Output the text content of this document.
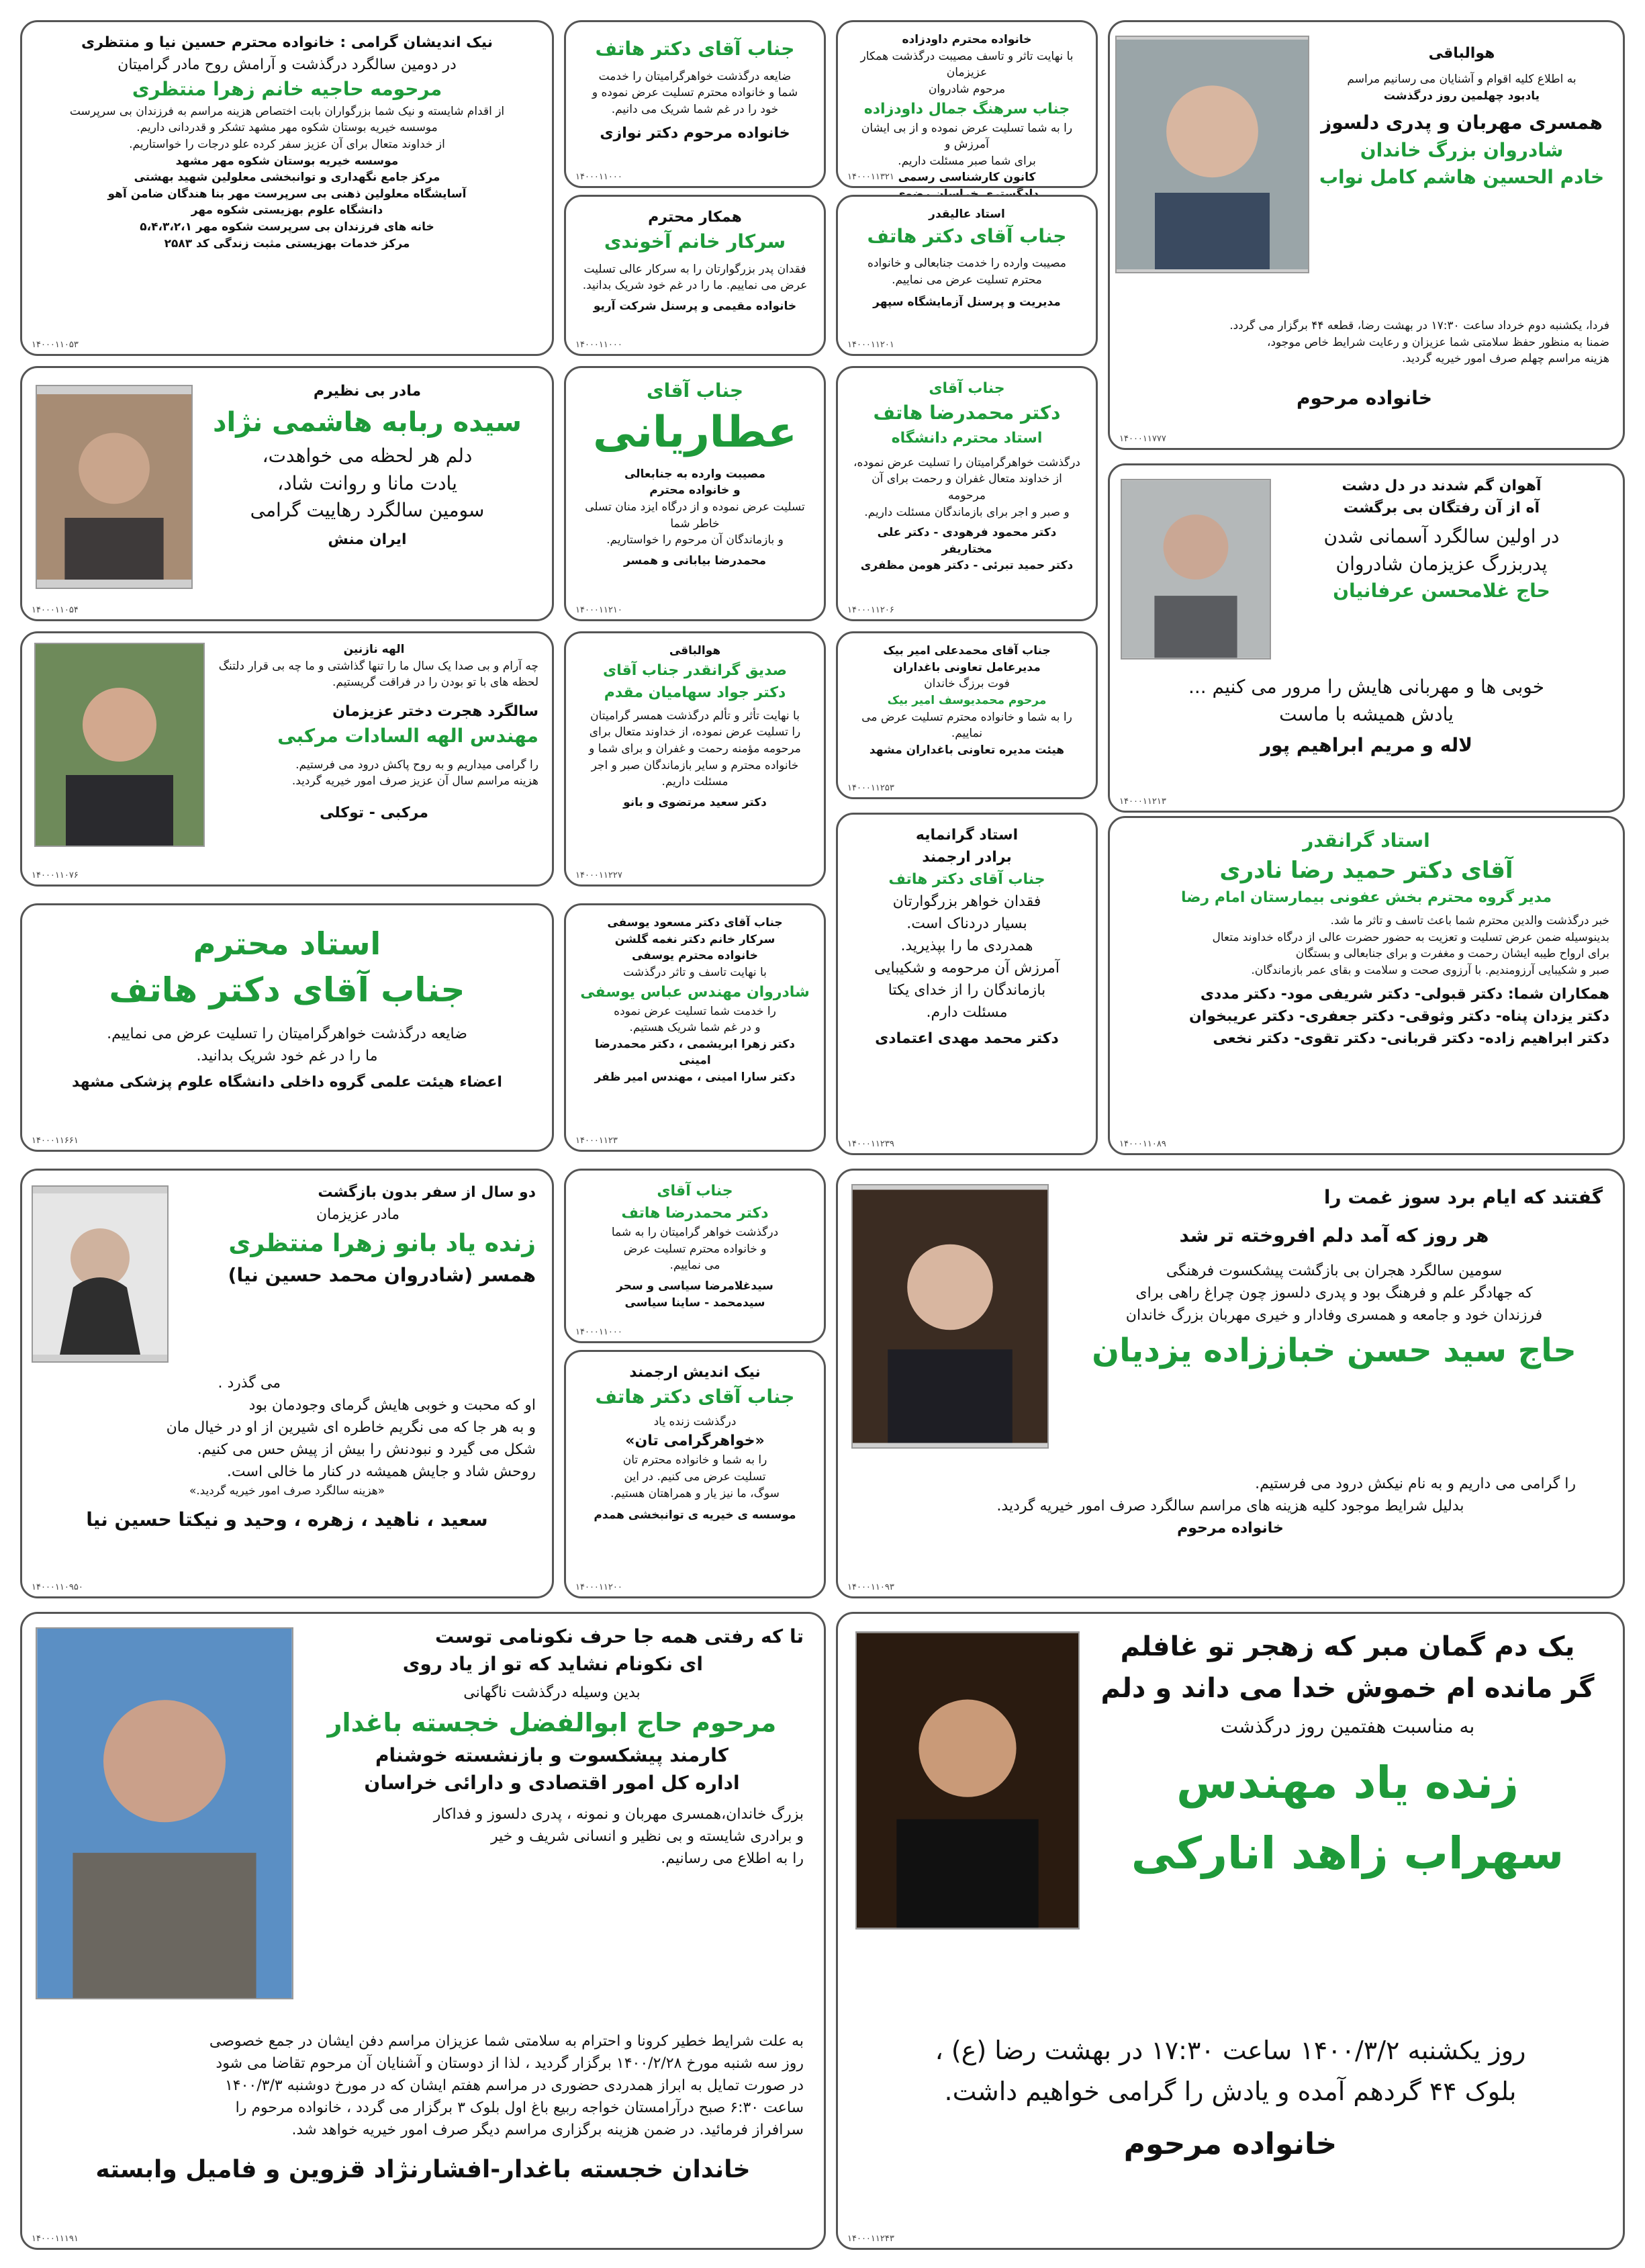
هوالباقی

به اطلاع کلیه اقوام و آشنایان می رسانیم مراسم

یادبود چهلمین روز درگذشت

همسری مهربان و پدری دلسوز

شادروان بزرگ خاندان

خادم الحسین هاشم کامل نواب

فردا، یکشنبه دوم خرداد ساعت ۱۷:۳۰ در بهشت رضا، قطعه ۴۴ برگزار می گردد.

ضمنا به منظور حفظ سلامتی شما عزیزان و رعایت شرایط خاص موجود،

هزینه مراسم چهلم صرف امور خیریه گردید.

خانواده مرحوم

۱۴۰۰۰۱۱۷۷۷

خانواده محترم داودزاده

با نهایت تاثر و تاسف مصیبت درگذشت همکار عزیزمان

مرحوم شادروان

جناب سرهنگ جمال داودزاده

را به شما تسلیت عرض نموده و از بی ایشان آمرزش و

برای شما صبر مسئلت داریم.

کانون کارشناسی رسمی

۱۴۰۰۰۱۱۳۲۱

جناب آقای دکتر هاتف

ضایعه درگذشت خواهرگرامیتان را خدمت

شما و خانواده محترم تسلیت عرض نموده و

خود را در غم شما شریک می دانیم.

خانواده مرحوم دکتر نوازی

۱۴۰۰۰۱۱۰۰۰

نیک اندیشان گرامی : خانواده محترم حسین نیا و منتظری

در دومین سالگرد درگذشت و آرامش روح مادر گرامیتان

مرحومه حاجیه خانم زهرا منتظری

از اقدام شایسته و نیک شما بزرگواران بابت اختصاص هزینه مراسم به فرزندان بی سرپرست

موسسه خیریه بوستان شکوه مهر مشهد تشکر و قدردانی داریم.

از خداوند متعال برای آن عزیز سفر کرده علو درجات را خواستاریم.

موسسه خیریه بوستان شکوه مهر مشهد

مرکز جامع نگهداری و توانبخشی معلولین شهید بهشتی

آسایشگاه معلولین ذهنی بی سرپرست مهر بنا هندگان ضامن آهو

دانشگاه علوم بهزیستی شکوه مهر

خانه های فرزندان بی سرپرست شکوه مهر ۵،۴،۳،۲،۱

مرکز خدمات بهزیستی مثبت زندگی کد ۲۵۸۳

۱۴۰۰۰۱۱۰۵۳

استاد عالیقدر

جناب آقای دکتر هاتف

مصیبت وارده را خدمت جنابعالی و خانواده

محترم تسلیت عرض می نماییم.

مدیریت و پرسنل آزمایشگاه سپهر

۱۴۰۰۰۱۱۲۰۱

همکار محترم

سرکار خانم آخوندی

فقدان پدر بزرگوارتان را به سرکار عالی تسلیت

عرض می نماییم. ما را در غم خود شریک بدانید.

خانواده مقیمی و پرسنل شرکت آریو

۱۴۰۰۰۱۱۰۰۰

آهوان گم شدند در دل دشت

آه از آن رفتگان بی برگشت

در اولین سالگرد آسمانی شدن

پدربزرگ عزیزمان شادروان

حاج غلامحسن عرفانیان

خوبی ها و مهربانی هایش را مرور می کنیم ...

یادش همیشه با ماست

لاله و مریم ابراهیم پور

۱۴۰۰۰۱۱۲۱۳

جناب آقای

دکتر محمدرضا هاتف

استاد محترم دانشگاه

درگذشت خواهرگرامیتان را تسلیت عرض نموده،

از خداوند متعال غفران و رحمت برای آن مرحومه

و صبر و اجر برای بازماندگان مسئلت داریم.

دکتر محمود فرهودی - دکتر علی مختاریفر

دکتر حمید تبرئی - دکتر هومن مظفری

۱۴۰۰۰۱۱۲۰۶

جناب آقای

عطاریانی

مصیبت وارده به جنابعالی

و خانواده محترم

تسلیت عرض نموده و از درگاه ایزد منان تسلی خاطر شما

و بازماندگان آن مرحوم را خواستاریم.

محمدرضا بیابانی و همسر

۱۴۰۰۰۱۱۲۱۰

مادر بی نظیرم

سیده ربابه هاشمی نژاد

دلم هر لحظه می خواهدت،

یادت مانا و روانت شاد،

سومین سالگرد رهاییت گرامی

ایران منش

۱۴۰۰۰۱۱۰۵۴

الهه نازنین

چه آرام و بی صدا یک سال ما را تنها گذاشتی و ما چه بی قرار دلتنگ

لحظه های با تو بودن را در فراقت گریستیم.

سالگرد هجرت دختر عزیزمان

مهندس الهه السادات مرکبی

را گرامی میداریم و به روح پاکش درود می فرستیم.

هزینه مراسم سال آن عزیز صرف امور خیریه گردید.

مرکبی - توکلی

۱۴۰۰۰۱۱۰۷۶

هوالباقی

صدیق گرانقدر جناب آقای

دکتر جواد سهامیان مقدم

با نهایت تأثر و تألم درگذشت همسر گرامیتان

را تسلیت عرض نموده، از خداوند متعال برای

مرحومه مؤمنه رحمت و غفران و برای شما و

خانواده محترم و سایر بازماندگان صبر و اجر

مسئلت داریم.

دکتر سعید مرتضوی و بانو

۱۴۰۰۰۱۱۲۲۷

جناب آقای محمدعلی امیر بیک

مدیرعامل تعاونی باغداران

فوت برزگ خاندان

مرحوم محمدیوسف امیر بیک

را به شما و خانواده محترم تسلیت عرض می نماییم.

هیئت مدیره تعاونی باغداران مشهد

۱۴۰۰۰۱۱۲۵۳

استاد گرانقدر

آقای دکتر حمید رضا نادری

مدیر گروه محترم بخش عفونی بیمارستان امام رضا

خبر درگذشت والدین محترم شما باعث تاسف و تاثر ما شد.

بدینوسیله ضمن عرض تسلیت و تعزیت به حضور حضرت عالی از درگاه خداوند متعال

برای ارواح طیبه ایشان رحمت و مغفرت و برای جنابعالی و بستگان

صبر و شکیبایی آرزومندیم. با آرزوی صحت و سلامت و بقای عمر بازماندگان.

همکاران شما: دکتر قبولی- دکتر شریفی مود- دکتر مددی

دکتر یزدان پناه- دکتر وثوقی- دکتر جعفری- دکتر عریبخوان

دکتر ابراهیم زاده- دکتر قربانی- دکتر تقوی- دکتر نخعی

۱۴۰۰۰۱۱۰۸۹

استاد محترم

جناب آقای دکتر هاتف

ضایعه درگذشت خواهرگرامیتان را تسلیت عرض می نماییم.

ما را در غم خود شریک بدانید.

اعضاء هیئت علمی گروه داخلی دانشگاه علوم پزشکی مشهد

۱۴۰۰۰۱۱۶۶۱

جناب آقای دکتر مسعود یوسفی

سرکار خانم دکتر نغمه گلشن

خانواده محترم یوسفی

با نهایت تاسف و تاثر درگذشت

شادروان مهندس عباس یوسفی

را خدمت شما تسلیت عرض نموده

و در غم شما شریک هستیم.

دکتر زهرا ابریشمی ، دکتر محمدرضا امینی

دکتر سارا امینی ، مهندس امیر ظفر

۱۴۰۰۰۱۱۲۳

استاد گرانمایه

برادر ارجمند

جناب آقای دکتر هاتف

فقدان خواهر بزرگوارتان

بسیار دردناک است.

همدردی ما را بپذیرید.

آمرزش آن مرحومه و شکیبایی

بازماندگان را از خدای یکتا

مسئلت دارم.

دکتر محمد مهدی اعتمادی

۱۴۰۰۰۱۱۲۳۹

دو سال از سفر بدون بازگشت

مادر عزیزمان

زنده یاد بانو زهرا منتظری

همسر (شادروان محمد حسین نیا)

می گذرد .

او که محبت و خوبی هایش گرمای وجودمان بود

و به هر جا که می نگریم خاطره ای شیرین از او در خیال مان

شکل می گیرد و نبودنش را بیش از پیش حس می کنیم.

روحش شاد و جایش همیشه در کنار ما خالی است.

«هزینه سالگرد صرف امور خیریه گردید.»

سعید ، ناهید ، زهره ، وحید و نیکتا حسین نیا

۱۴۰۰۰۱۱۰۹۵۰

جناب آقای

دکتر محمدرضا هاتف

درگذشت خواهر گرامیتان را به شما

و خانواده محترم تسلیت عرض

می نماییم.

سیدغلامرضا سیاسی و سحر

سیدمحمد - ساینا سیاسی

۱۴۰۰۰۱۱۰۰۰

نیک اندیش ارجمند

جناب آقای دکتر هاتف

درگذشت زنده یاد

«خواهرگرامی تان»

را به شما و خانواده محترم تان

تسلیت عرض می کنیم. در این

سوگ، ما نیز یار و همراهتان هستیم.

موسسه ی خیریه ی توانبخشی همدم

۱۴۰۰۰۱۱۲۰۰

گفتند که ایام برد سوز غمت را

هر روز که آمد دلم افروخته تر شد

سومین سالگرد هجران بی بازگشت پیشکسوت فرهنگی

که جهادگر علم و فرهنگ بود و پدری دلسوز چون چراغ راهی برای

فرزندان خود و جامعه و همسری وفادار و خیری مهربان بزرگ خاندان

حاج سید حسن خباززاده یزدیان

را گرامی می داریم و به نام نیکش درود می فرستیم.

بدلیل شرایط موجود کلیه هزینه های مراسم سالگرد صرف امور خیریه گردید.

خانواده مرحوم

۱۴۰۰۰۱۱۰۹۳

تا که رفتی همه جا حرف نکونامی توست

ای نکونام نشاید که تو از یاد روی

بدین وسیله درگذشت ناگهانی

مرحوم حاج ابوالفضل خجسته باغدار

کارمند پیشکسوت و بازنشسته خوشنام

اداره کل امور اقتصادی و دارائی خراسان

بزرگ خاندان،همسری مهربان و نمونه ، پدری دلسوز و فداکار

و برادری شایسته و بی نظیر و انسانی شریف و خیر

را به اطلاع می رسانیم.

به علت شرایط خطیر کرونا و احترام به سلامتی شما عزیزان مراسم دفن ایشان در جمع خصوصی

روز سه شنبه مورخ ۱۴۰۰/۲/۲۸ برگزار گردید ، لذا از دوستان و آشنایان آن مرحوم تقاضا می شود

در صورت تمایل به ابراز همدردی حضوری در مراسم هفتم ایشان که در مورخ دوشنبه ۱۴۰۰/۳/۳

ساعت ۶:۳۰ صبح درآرامستان خواجه ربیع باغ اول بلوک ۳ برگزار می گردد ، خانواده مرحوم را

سرافراز فرمائید. در ضمن هزینه برگزاری مراسم دیگر صرف امور خیریه خواهد شد.

خاندان خجسته باغدار-افشارنژاد قزوین و فامیل وابسته

۱۴۰۰۰۱۱۱۹۱

یک دم گمان مبر که زهجر تو غافلم

گر مانده ام خموش خدا می داند و دلم

به مناسبت هفتمین روز درگذشت

زنده یاد مهندس

سهراب زاهد انارکی

روز یکشنبه ۱۴۰۰/۳/۲ ساعت ۱۷:۳۰ در بهشت رضا (ع) ،

بلوک ۴۴ گردهم آمده و یادش را گرامی خواهیم داشت.

خانواده مرحوم

۱۴۰۰۰۱۱۲۴۳
